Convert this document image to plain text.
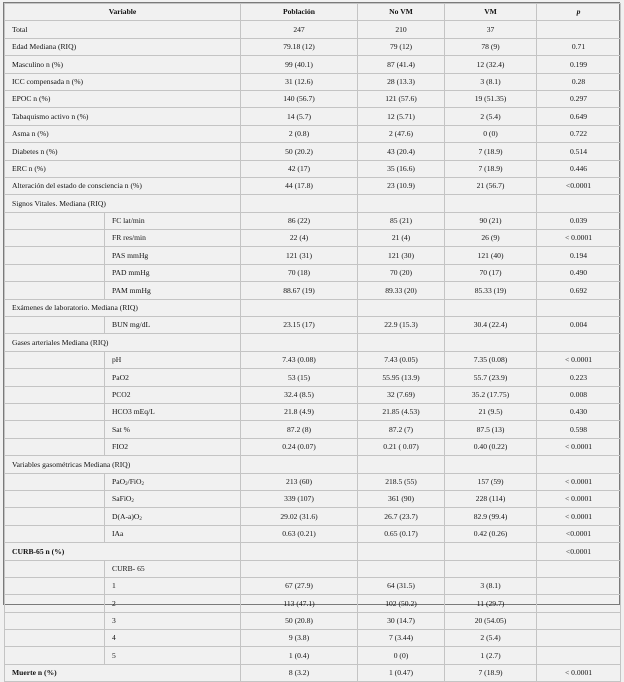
Variable		Población	No VM	VM	p
Total		247	210	37	
Edad Mediana (RIQ)		79.18 (12)	79 (12)	78 (9)	0.71
Masculino n (%)		99 (40.1)	87 (41.4)	12 (32.4)	0.199
ICC compensada n (%)		31 (12.6)	28 (13.3)	3 (8.1)	0.28
EPOC n (%)		140 (56.7)	121 (57.6)	19 (51.35)	0.297
Tabaquismo activo n (%)		14 (5.7)	12 (5.71)	2 (5.4)	0.649
Asma n (%)		2 (0.8)	2 (47.6)	0 (0)	0.722
Diabetes n (%)		50 (20.2)	43 (20.4)	7 (18.9)	0.514
ERC n (%)		42 (17)	35 (16.6)	7 (18.9)	0.446
Alteración del estado de consciencia n (%)		44 (17.8)	23 (10.9)	21 (56.7)	<0.0001
Signos Vitales. Mediana (RIQ)					
	FC lat/min	86 (22)	85 (21)	90 (21)	0.039
	FR res/min	22 (4)	21 (4)	26 (9)	< 0.0001
	PAS mmHg	121 (31)	121 (30)	121 (40)	0.194
	PAD mmHg	70 (18)	70 (20)	70 (17)	0.490
	PAM mmHg	88.67 (19)	89.33 (20)	85.33 (19)	0.692
Exámenes de laboratorio. Mediana (RIQ)					
	BUN mg/dL	23.15 (17)	22.9 (15.3)	30.4 (22.4)	0.004
Gases arteriales Mediana (RIQ)					
	pH	7.43 (0.08)	7.43 (0.05)	7.35 (0.08)	< 0.0001
	PaO2	53 (15)	55.95 (13.9)	55.7 (23.9)	0.223
	PCO2	32.4 (8.5)	32 (7.69)	35.2 (17.75)	0.008
	HCO3 mEq/L	21.8 (4.9)	21.85 (4.53)	21 (9.5)	0.430
	Sat %	87.2 (8)	87.2 (7)	87.5 (13)	0.598
	FIO2	0.24 (0.07)	0.21 ( 0.07)	0.40 (0.22)	< 0.0001
Variables gasométricas Mediana (RIQ)					
	PaO$_2$/FiO$_2$	213 (60)	218.5 (55)	157 (59)	< 0.0001
	SaFiO$_2$	339 (107)	361 (90)	228 (114)	< 0.0001
	$D(A-a)O_2$	29.02 (31.6)	26.7 (23.7)	82.9 (99.4)	< 0.0001
	IAa	0.63 (0.21)	0.65 (0.17)	0.42 (0.26)	<0.0001
CURB-65 n (%)					<0.0001
	CURB- 65				
	1	67 (27.9)	64 (31.5)	3 (8.1)	
	2	113 (47.1)	102 (50.2)	11 (29.7)	
	3	50 (20.8)	30 (14.7)	20 (54.05)	
	4	9 (3.8)	7 (3.44)	2 (5.4)	
	5	1 (0.4)	0 (0)	1 (2.7)	
Muerte n (%)		8 (3.2)	1 (0.47)	7 (18.9)	< 0.0001
